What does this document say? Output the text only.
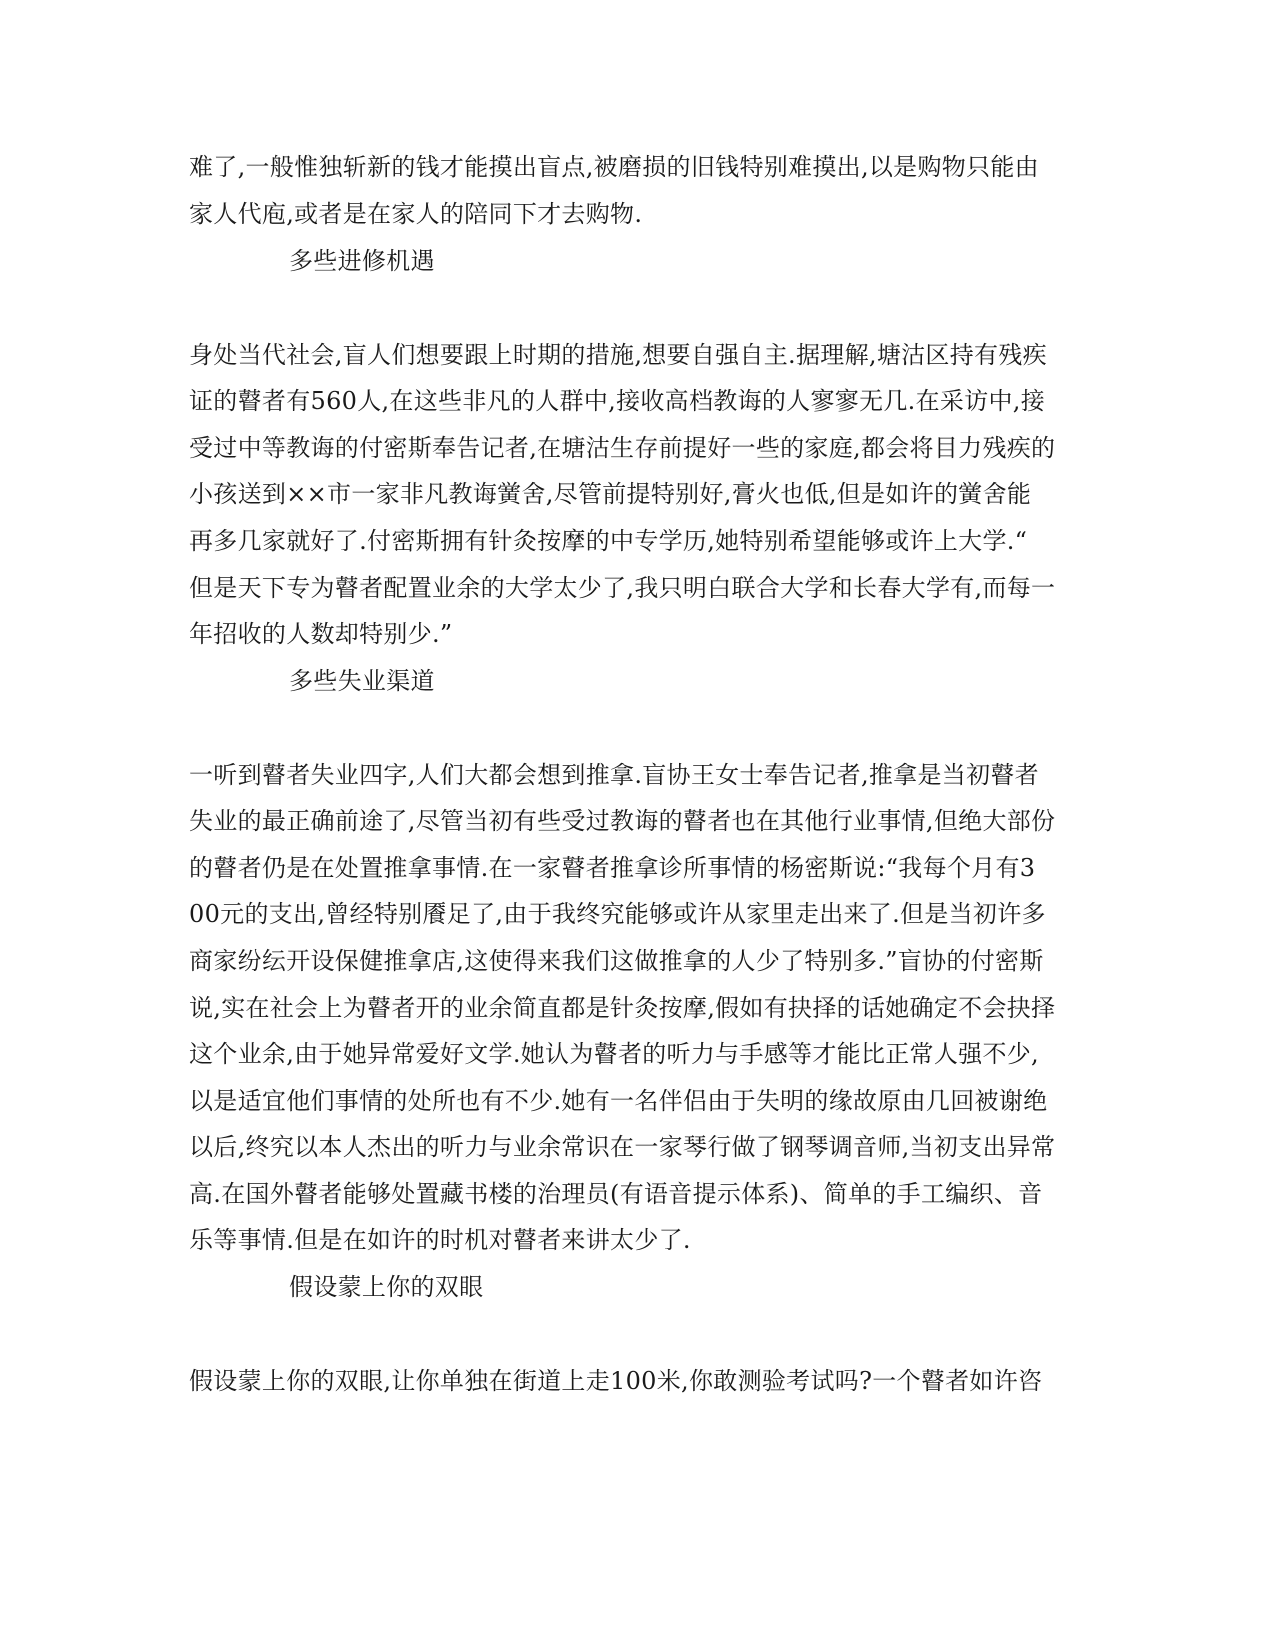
难了,一般惟独斩新的钱才能摸出盲点,被磨损的旧钱特别难摸出,以是购物只能由
家人代庖,或者是在家人的陪同下才去购物.
多些进修机遇
身处当代社会,盲人们想要跟上时期的措施,想要自强自主.据理解,塘沽区持有残疾
证的瞽者有560人,在这些非凡的人群中,接收高档教诲的人寥寥无几.在采访中,接
受过中等教诲的付密斯奉告记者,在塘沽生存前提好一些的家庭,都会将目力残疾的
小孩送到××市一家非凡教诲黉舍,尽管前提特别好,膏火也低,但是如许的黉舍能
再多几家就好了.付密斯拥有针灸按摩的中专学历,她特别希望能够或许上大学.“
但是天下专为瞽者配置业余的大学太少了,我只明白联合大学和长春大学有,而每一
年招收的人数却特别少.”
多些失业渠道
一听到瞽者失业四字,人们大都会想到推拿.盲协王女士奉告记者,推拿是当初瞽者
失业的最正确前途了,尽管当初有些受过教诲的瞽者也在其他行业事情,但绝大部份
的瞽者仍是在处置推拿事情.在一家瞽者推拿诊所事情的杨密斯说:“我每个月有3
00元的支出,曾经特别餍足了,由于我终究能够或许从家里走出来了.但是当初许多
商家纷纭开设保健推拿店,这使得来我们这做推拿的人少了特别多.”盲协的付密斯
说,实在社会上为瞽者开的业余简直都是针灸按摩,假如有抉择的话她确定不会抉择
这个业余,由于她异常爱好文学.她认为瞽者的听力与手感等才能比正常人强不少,
以是适宜他们事情的处所也有不少.她有一名伴侣由于失明的缘故原由几回被谢绝
以后,终究以本人杰出的听力与业余常识在一家琴行做了钢琴调音师,当初支出异常
高.在国外瞽者能够处置藏书楼的治理员(有语音提示体系)、简单的手工编织、音
乐等事情.但是在如许的时机对瞽者来讲太少了.
假设蒙上你的双眼
假设蒙上你的双眼,让你单独在街道上走100米,你敢测验考试吗?一个瞽者如许咨
